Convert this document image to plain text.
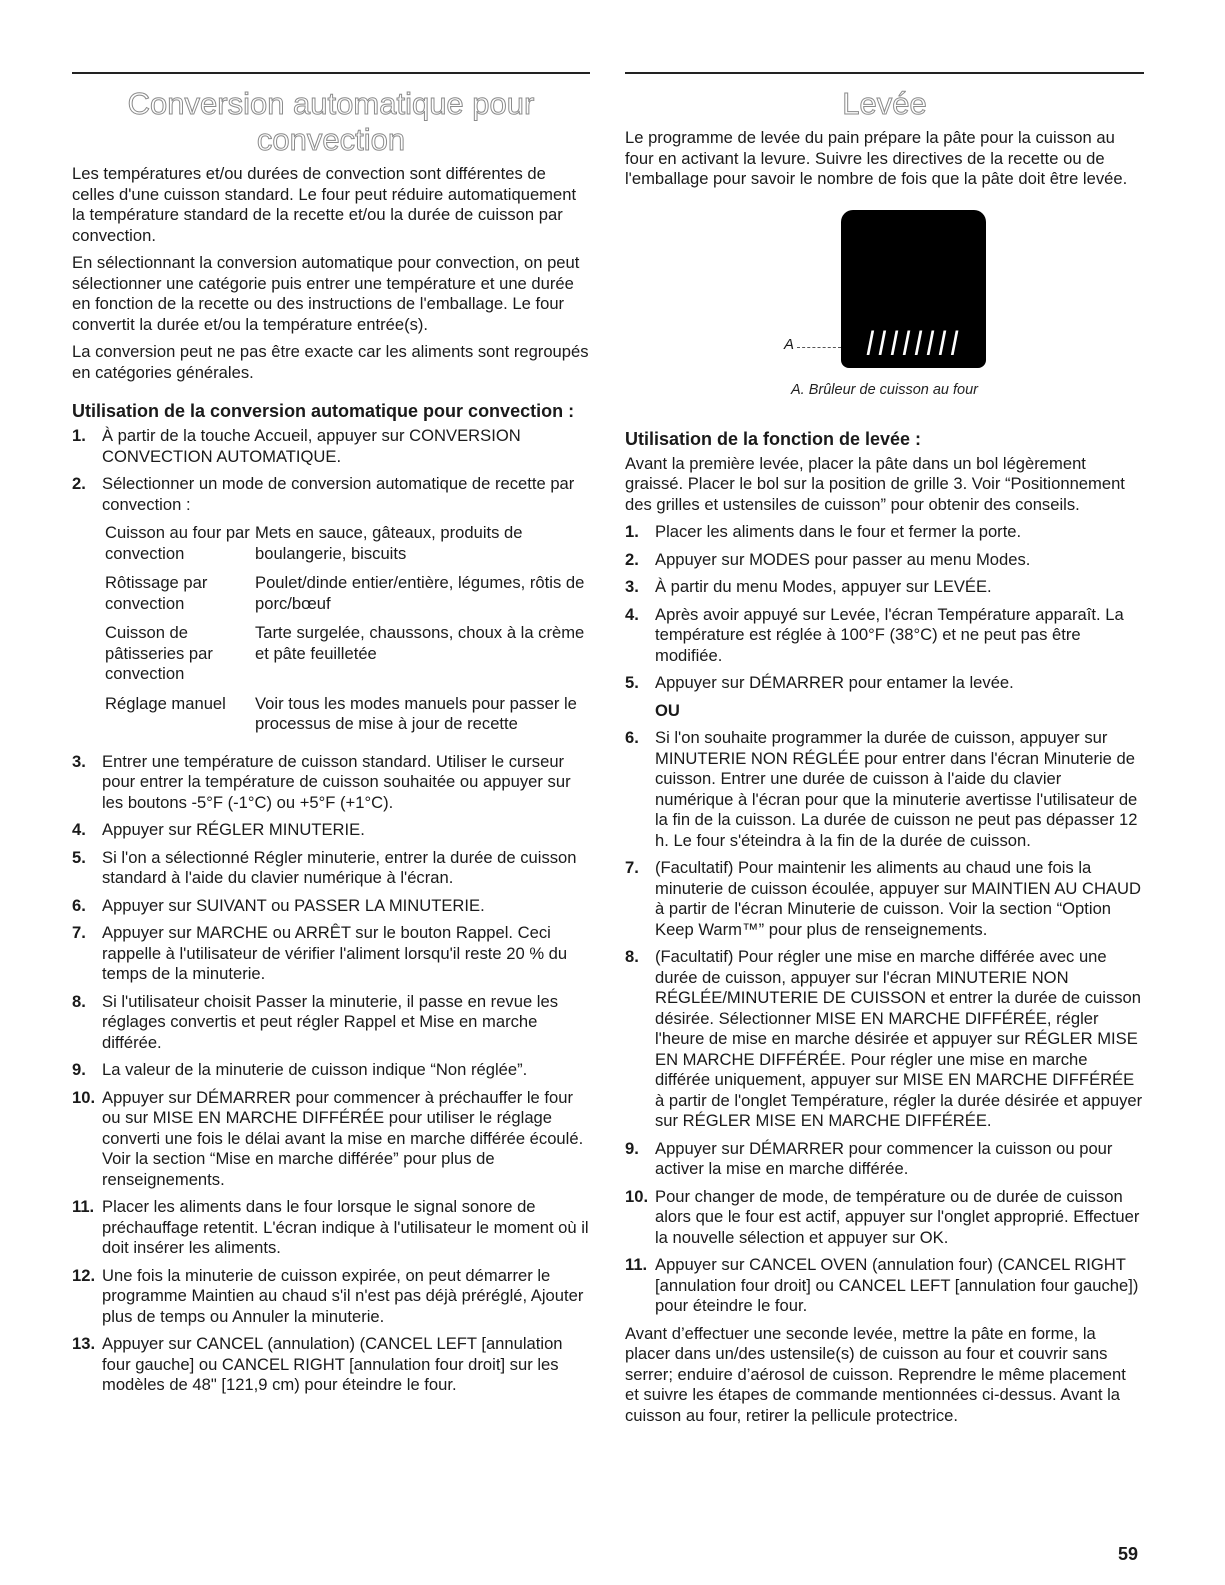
Conversion automatique pour convection

Les températures et/ou durées de convection sont différentes de celles d'une cuisson standard. Le four peut réduire automatiquement la température standard de la recette et/ou la durée de cuisson par convection.

En sélectionnant la conversion automatique pour convection, on peut sélectionner une catégorie puis entrer une température et une durée en fonction de la recette ou des instructions de l'emballage. Le four convertit la durée et/ou la température entrée(s).

La conversion peut ne pas être exacte car les aliments sont regroupés en catégories générales.

Utilisation de la conversion automatique pour convection :
1. À partir de la touche Accueil, appuyer sur CONVERSION CONVECTION AUTOMATIQUE.
2. Sélectionner un mode de conversion automatique de recette par convection :
Cuisson au four par convection	Mets en sauce, gâteaux, produits de boulangerie, biscuits
Rôtissage par convection	Poulet/dinde entier/entière, légumes, rôtis de porc/bœuf
Cuisson de pâtisseries par convection	Tarte surgelée, chaussons, choux à la crème et pâte feuilletée
Réglage manuel	Voir tous les modes manuels pour passer le processus de mise à jour de recette
3. Entrer une température de cuisson standard. Utiliser le curseur pour entrer la température de cuisson souhaitée ou appuyer sur les boutons -5°F (-1°C) ou +5°F (+1°C).
4. Appuyer sur RÉGLER MINUTERIE.
5. Si l'on a sélectionné Régler minuterie, entrer la durée de cuisson standard à l'aide du clavier numérique à l'écran.
6. Appuyer sur SUIVANT ou PASSER LA MINUTERIE.
7. Appuyer sur MARCHE ou ARRÊT sur le bouton Rappel. Ceci rappelle à l'utilisateur de vérifier l'aliment lorsqu'il reste 20 % du temps de la minuterie.
8. Si l'utilisateur choisit Passer la minuterie, il passe en revue les réglages convertis et peut régler Rappel et Mise en marche différée.
9. La valeur de la minuterie de cuisson indique “Non réglée”.
10. Appuyer sur DÉMARRER pour commencer à préchauffer le four ou sur MISE EN MARCHE DIFFÉRÉE pour utiliser le réglage converti une fois le délai avant la mise en marche différée écoulé. Voir la section “Mise en marche différée” pour plus de renseignements.
11. Placer les aliments dans le four lorsque le signal sonore de préchauffage retentit. L'écran indique à l'utilisateur le moment où il doit insérer les aliments.
12. Une fois la minuterie de cuisson expirée, on peut démarrer le programme Maintien au chaud s'il n'est pas déjà préréglé, Ajouter plus de temps ou Annuler la minuterie.
13. Appuyer sur CANCEL (annulation) (CANCEL LEFT [annulation four gauche] ou CANCEL RIGHT [annulation four droit] sur les modèles de 48" [121,9 cm) pour éteindre le four.
Levée

Le programme de levée du pain prépare la pâte pour la cuisson au four en activant la levure. Suivre les directives de la recette ou de l'emballage pour savoir le nombre de fois que la pâte doit être levée.

ǀǀǀǀǀǀǀǀ
A
A. Brûleur de cuisson au four
Utilisation de la fonction de levée :

Avant la première levée, placer la pâte dans un bol légèrement graissé. Placer le bol sur la position de grille 3. Voir “Positionnement des grilles et ustensiles de cuisson” pour obtenir des conseils.

1. Placer les aliments dans le four et fermer la porte.
2. Appuyer sur MODES pour passer au menu Modes.
3. À partir du menu Modes, appuyer sur LEVÉE.
4. Après avoir appuyé sur Levée, l'écran Température apparaît. La température est réglée à 100°F (38°C) et ne peut pas être modifiée.
5. Appuyer sur DÉMARRER pour entamer la levée.
OU
6. Si l'on souhaite programmer la durée de cuisson, appuyer sur MINUTERIE NON RÉGLÉE pour entrer dans l'écran Minuterie de cuisson. Entrer une durée de cuisson à l'aide du clavier numérique à l'écran pour que la minuterie avertisse l'utilisateur de la fin de la cuisson. La durée de cuisson ne peut pas dépasser 12 h. Le four s'éteindra à la fin de la durée de cuisson.
7. (Facultatif) Pour maintenir les aliments au chaud une fois la minuterie de cuisson écoulée, appuyer sur MAINTIEN AU CHAUD à partir de l'écran Minuterie de cuisson. Voir la section “Option Keep Warm™” pour plus de renseignements.
8. (Facultatif) Pour régler une mise en marche différée avec une durée de cuisson, appuyer sur l'écran MINUTERIE NON RÉGLÉE/MINUTERIE DE CUISSON et entrer la durée de cuisson désirée. Sélectionner MISE EN MARCHE DIFFÉRÉE, régler l'heure de mise en marche désirée et appuyer sur RÉGLER MISE EN MARCHE DIFFÉRÉE. Pour régler une mise en marche différée uniquement, appuyer sur MISE EN MARCHE DIFFÉRÉE à partir de l'onglet Température, régler la durée désirée et appuyer sur RÉGLER MISE EN MARCHE DIFFÉRÉE.
9. Appuyer sur DÉMARRER pour commencer la cuisson ou pour activer la mise en marche différée.
10. Pour changer de mode, de température ou de durée de cuisson alors que le four est actif, appuyer sur l'onglet approprié. Effectuer la nouvelle sélection et appuyer sur OK.
11. Appuyer sur CANCEL OVEN (annulation four) (CANCEL RIGHT [annulation four droit] ou CANCEL LEFT [annulation four gauche]) pour éteindre le four.

Avant d’effectuer une seconde levée, mettre la pâte en forme, la placer dans un/des ustensile(s) de cuisson au four et couvrir sans serrer; enduire d’aérosol de cuisson. Reprendre le même placement et suivre les étapes de commande mentionnées ci-dessus. Avant la cuisson au four, retirer la pellicule protectrice.

59
